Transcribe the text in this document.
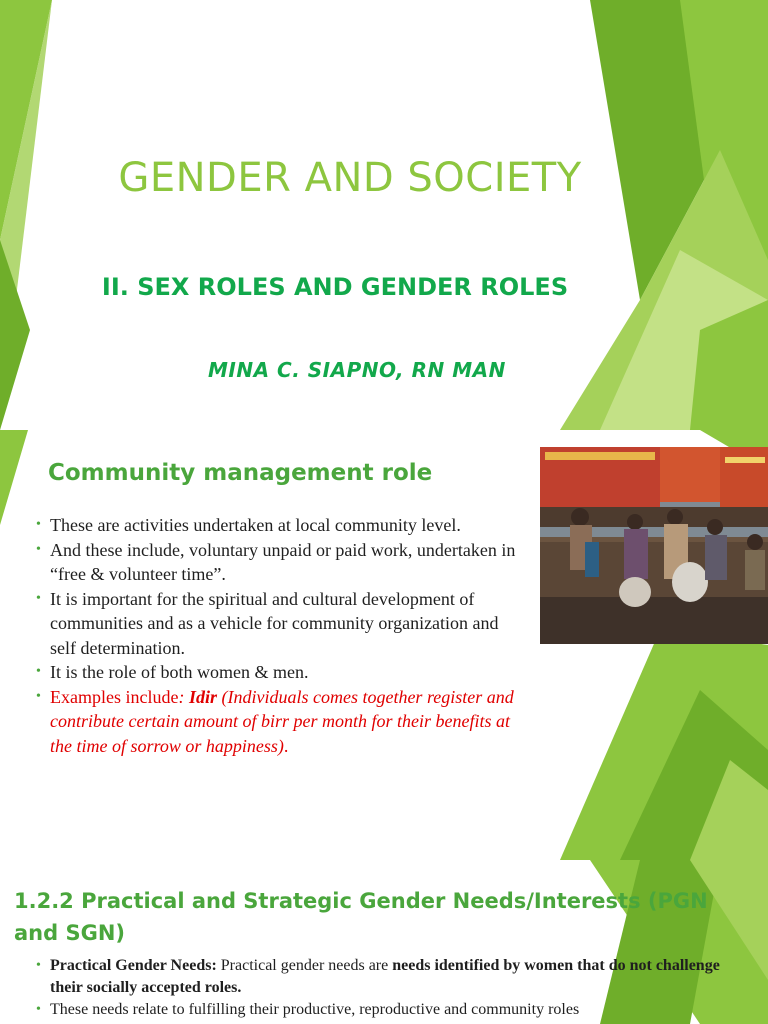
GENDER AND SOCIETY
II. SEX ROLES AND GENDER ROLES
MINA C. SIAPNO, RN MAN
Community management role
• These are activities undertaken at local community level.
• And these include, voluntary unpaid or paid work, undertaken in “free & volunteer time”.
• It is important for the spiritual and cultural development of communities and as a vehicle for community organization and self determination.
• It is the role of both women & men.
• Examples include: Idir (Individuals comes together register and contribute certain amount of birr per month for their benefits at the time of sorrow or happiness).
1.2.2 Practical and Strategic Gender Needs/Interests (PGN and SGN)
• Practical Gender Needs: Practical gender needs are needs identified by women that do not challenge their socially accepted roles.
• These needs relate to fulfilling their productive, reproductive and community roles
